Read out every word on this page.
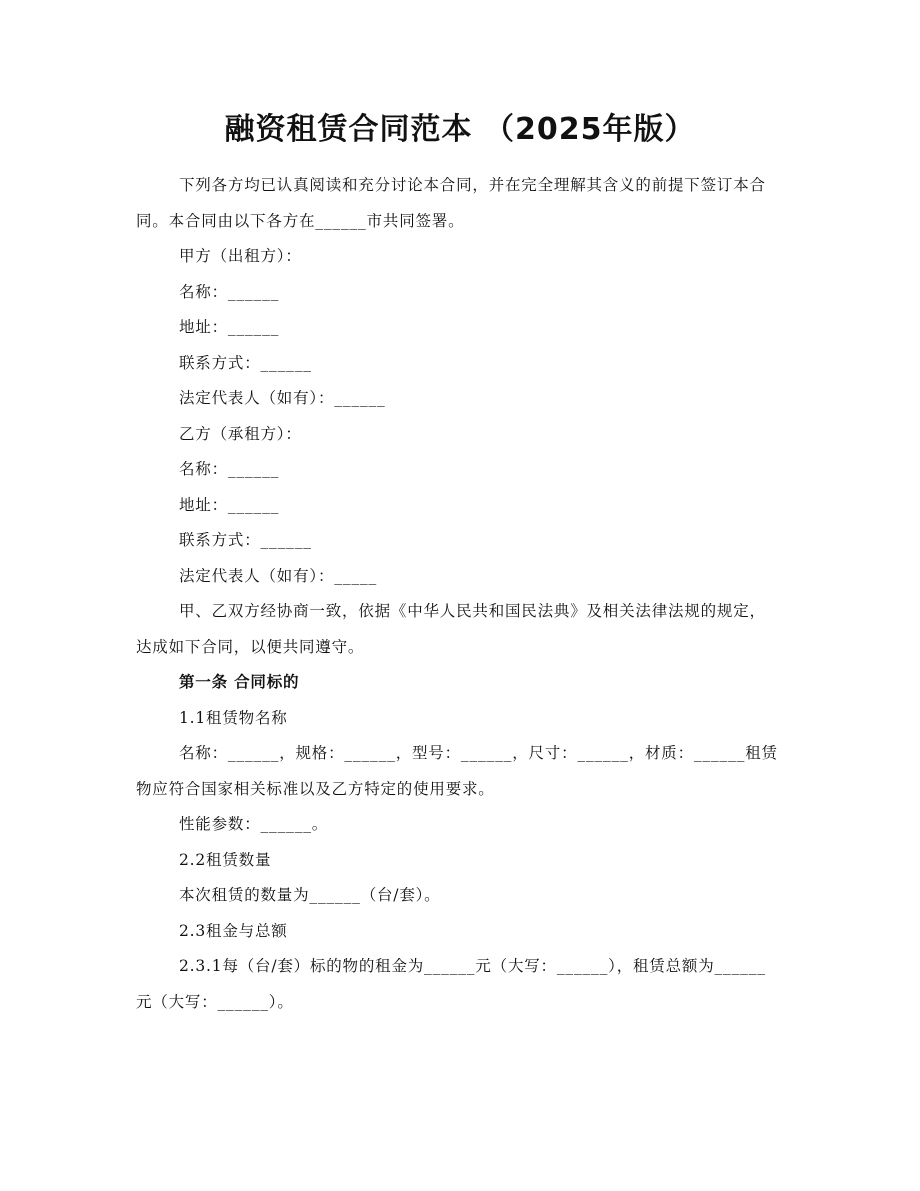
融资租赁合同范本 （2025年版）

下列各方均已认真阅读和充分讨论本合同，并在完全理解其含义的前提下签订本合同。本合同由以下各方在______市共同签署。

甲方（出租方）：

名称：______

地址：______

联系方式：______

法定代表人（如有）：______

乙方（承租方）：

名称：______

地址：______

联系方式：______

法定代表人（如有）：_____

甲、乙双方经协商一致，依据《中华人民共和国民法典》及相关法律法规的规定，达成如下合同，以便共同遵守。

第一条 合同标的

1.1租赁物名称

名称：______，规格：______，型号：______，尺寸：______，材质：______租赁物应符合国家相关标准以及乙方特定的使用要求。

性能参数：______。

2.2租赁数量

本次租赁的数量为______（台/套）。

2.3租金与总额

2.3.1每（台/套）标的物的租金为______元（大写：______），租赁总额为______元（大写：______）。
